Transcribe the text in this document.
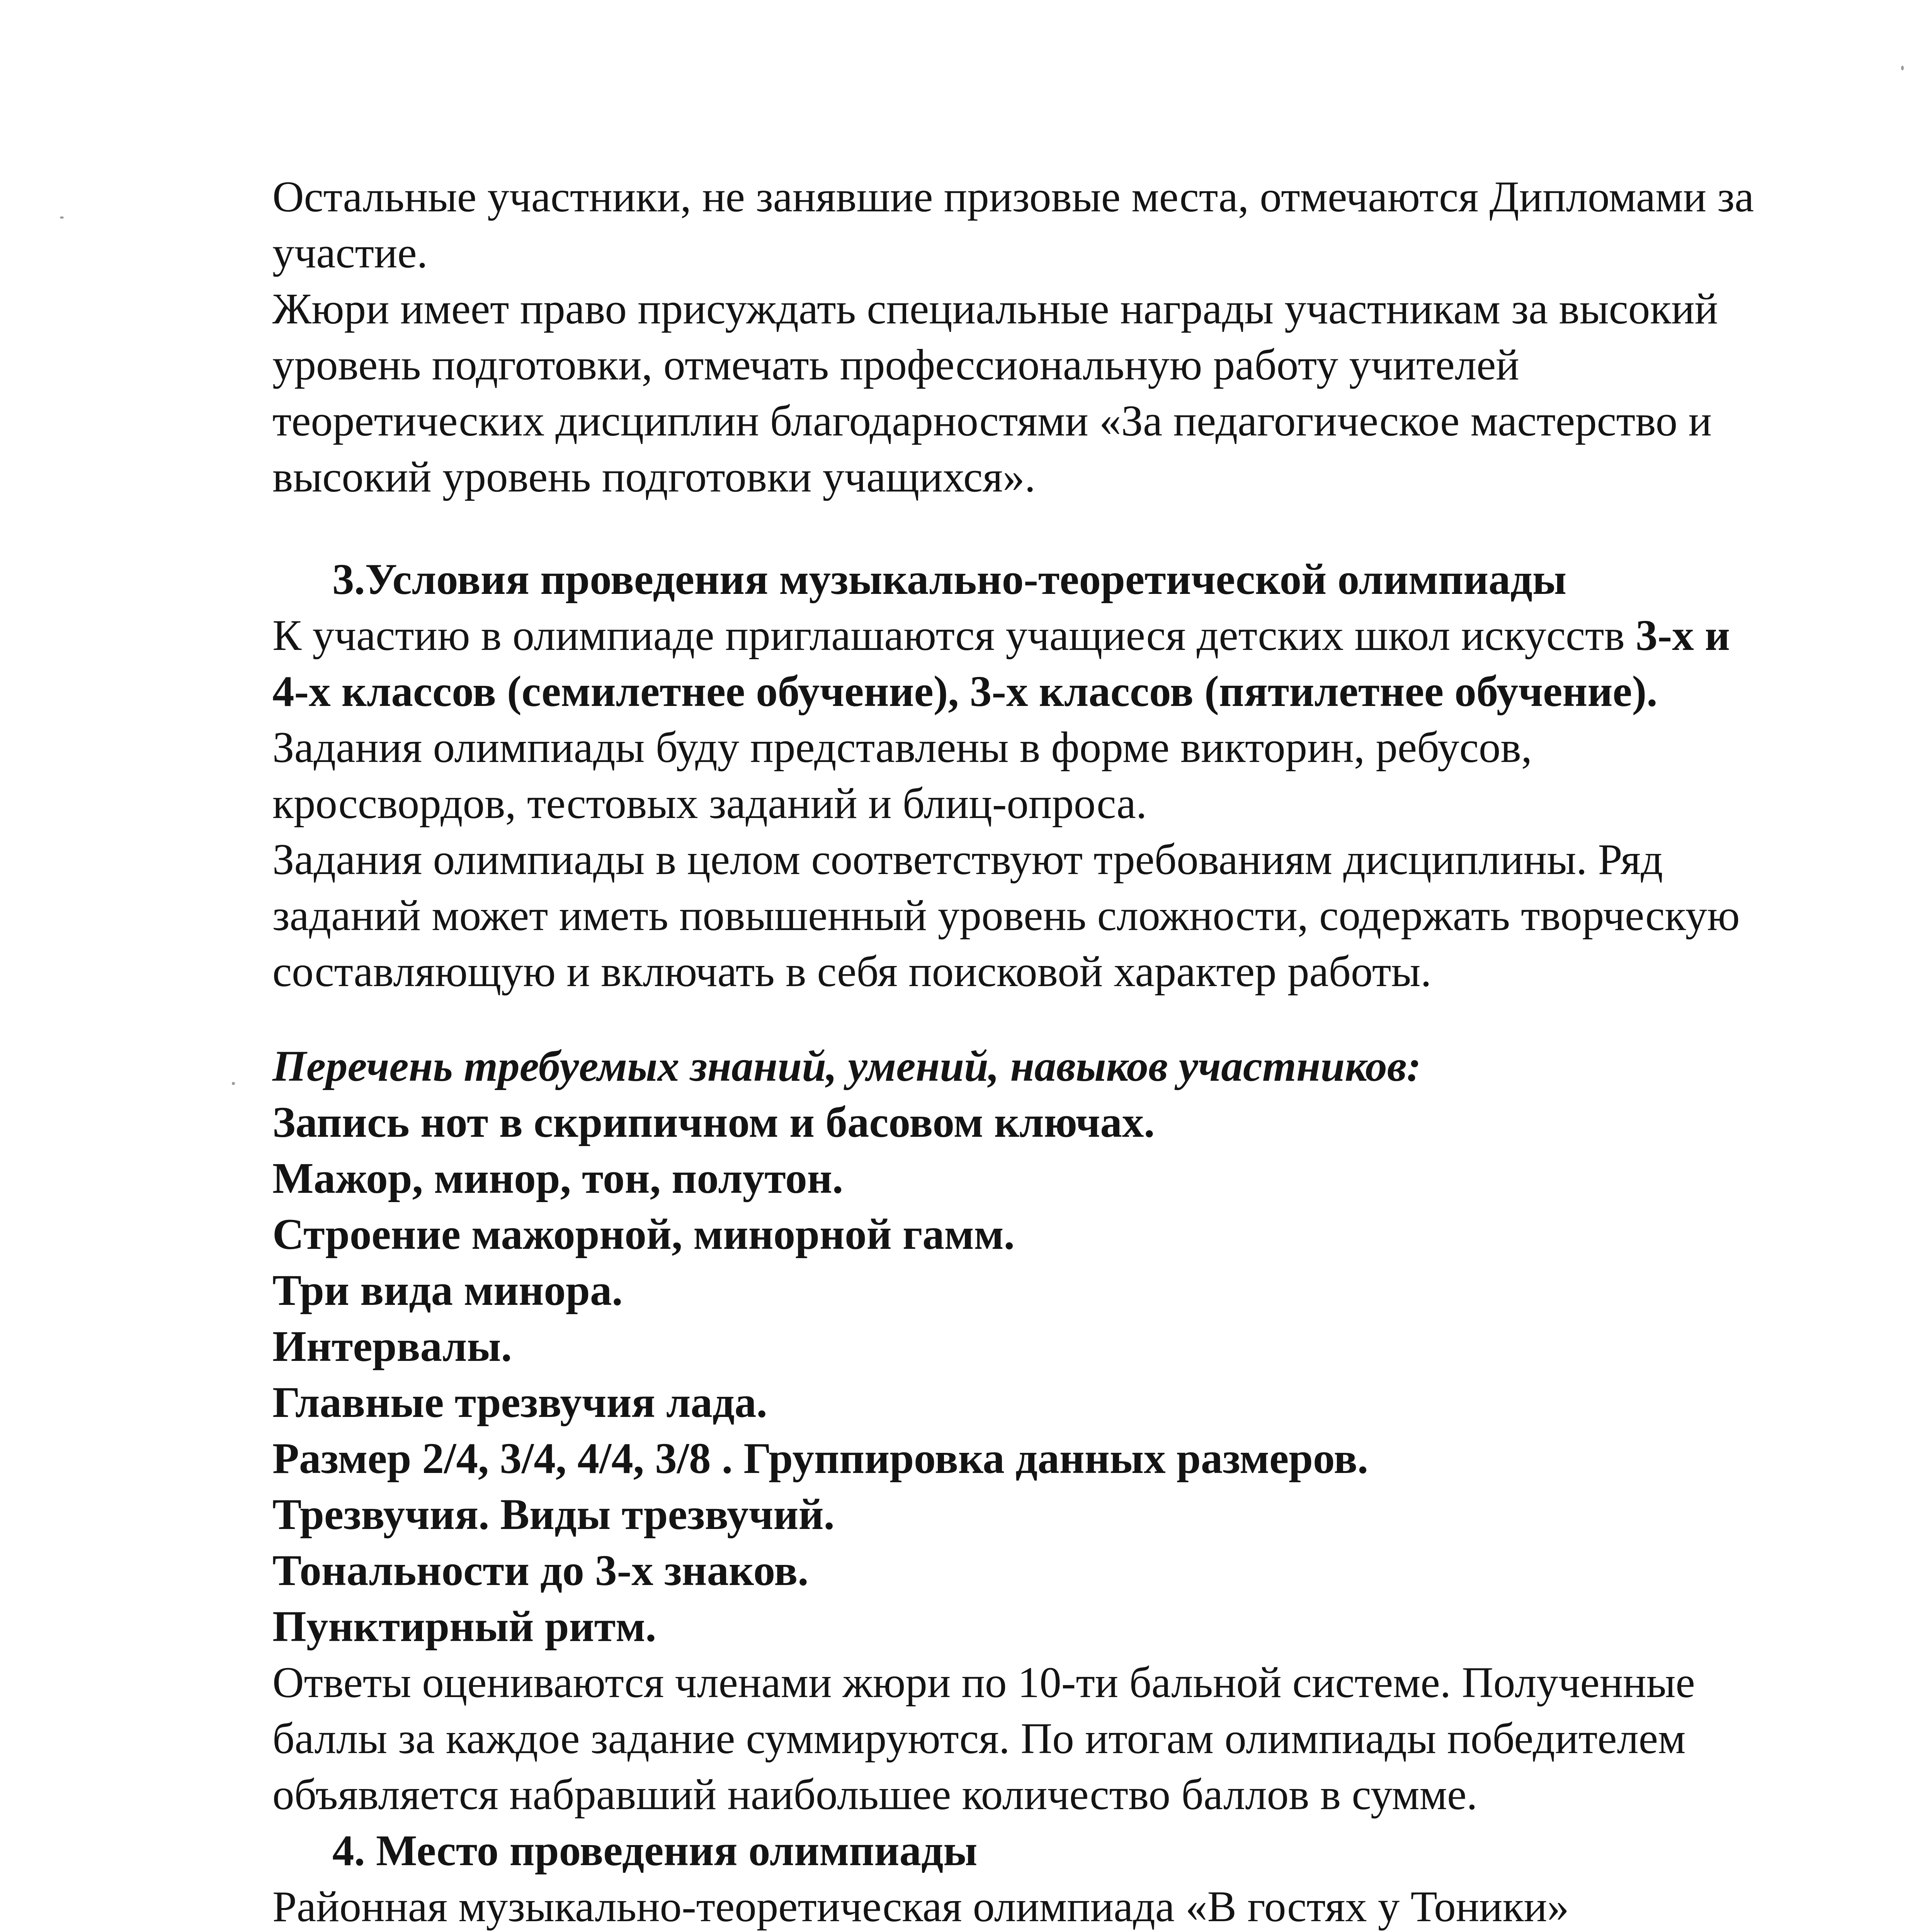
Остальные участники, не занявшие призовые места, отмечаются Дипломами за

участие.

Жюри имеет право присуждать специальные награды участникам за высокий

уровень подготовки, отмечать профессиональную работу учителей

теоретических дисциплин благодарностями «За педагогическое мастерство и

высокий уровень подготовки учащихся».

3.Условия проведения музыкально-теоретической олимпиады

К участию в олимпиаде приглашаются учащиеся детских школ искусств 3-х и

4-х классов (семилетнее обучение), 3-х классов (пятилетнее обучение).

Задания олимпиады буду представлены в форме викторин, ребусов,

кроссвордов, тестовых заданий и блиц-опроса.

Задания олимпиады в целом соответствуют требованиям дисциплины. Ряд

заданий может иметь повышенный уровень сложности, содержать творческую

составляющую и включать в себя поисковой характер работы.

Перечень требуемых знаний, умений, навыков участников:

Запись нот в скрипичном и басовом ключах.

Мажор, минор, тон, полутон.

Строение мажорной, минорной гамм.

Три вида минора.

Интервалы.

Главные трезвучия лада.

Размер 2/4, 3/4, 4/4, 3/8 . Группировка данных размеров.

Трезвучия. Виды трезвучий.

Тональности до 3-х знаков.

Пунктирный ритм.

Ответы оцениваются членами жюри по 10-ти бальной системе. Полученные

баллы за каждое задание суммируются. По итогам олимпиады победителем

объявляется набравший наибольшее количество баллов в сумме.

4. Место проведения олимпиады

Районная музыкально-теоретическая олимпиада «В гостях у Тоники»
